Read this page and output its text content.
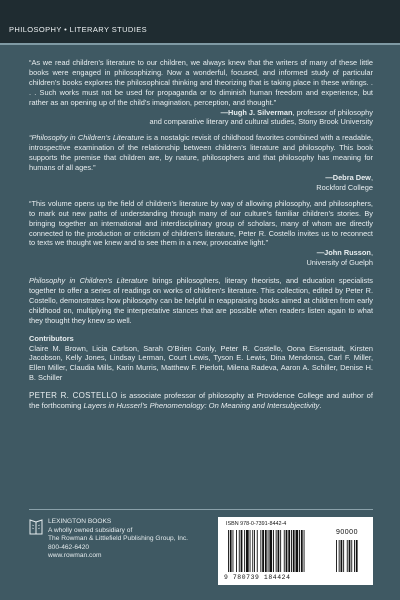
PHILOSOPHY • LITERARY STUDIES

“As we read children’s literature to our children, we always knew that the writers of many of these little books were engaged in philosophizing. Now a wonderful, focused, and informed study of particular children’s books explores the philosophical thinking and theorizing that is taking place in these writings. . . . Such works must not be used for propaganda or to diminish human freedom and experience, but rather as an opening up of the child’s imagination, perception, and thought.”

—Hugh J. Silverman, professor of philosophy
and comparative literary and cultural studies, Stony Brook University

“Philosophy in Children’s Literature is a nostalgic revisit of childhood favorites combined with a readable, introspective examination of the relationship between children’s literature and philosophy. This book supports the premise that children are, by nature, philosophers and that philosophy has meaning for humans of all ages.”

—Debra Dew,
Rockford College

“This volume opens up the field of children’s literature by way of allowing philosophy, and philosophers, to mark out new paths of understanding through many of our culture’s familiar children’s stories. By bringing together an international and interdisciplinary group of scholars, many of whom are directly connected to the production or criticism of children’s literature, Peter R. Costello invites us to reconnect to texts we thought we knew and to see them in a new, provocative light.”

—John Russon,
University of Guelph

Philosophy in Children’s Literature brings philosophers, literary theorists, and education specialists together to offer a series of readings on works of children’s literature. This collection, edited by Peter R. Costello, demonstrates how philosophy can be helpful in reappraising books aimed at children from early childhood on, multiplying the interpretative stances that are possible when readers listen again to what they thought they knew so well.

Contributors

Claire M. Brown, Licia Carlson, Sarah O’Brien Conly, Peter R. Costello, Oona Eisenstadt, Kirsten Jacobson, Kelly Jones, Lindsay Lerman, Court Lewis, Tyson E. Lewis, Dina Mendonca, Carl F. Miller, Ellen Miller, Claudia Mills, Karin Murris, Matthew F. Pierlott, Milena Radeva, Aaron A. Schiller, Denise H. B. Schiller

PETER R. COSTELLO is associate professor of philosophy at Providence College and author of the forthcoming Layers in Husserl’s Phenomenology: On Meaning and Intersubjectivity.

LEXINGTON BOOKS
A wholly owned subsidiary of
The Rowman & Littlefield Publishing Group, Inc.
800-462-6420
www.rowman.com
ISBN 978-0-7391-8442-4
90000
9 780739 184424
